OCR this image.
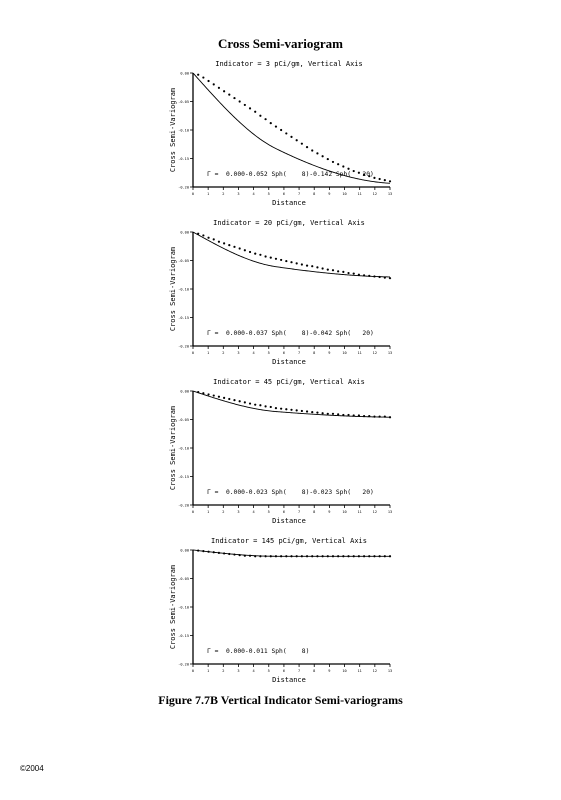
Cross Semi-variogram
Indicator = 3 pCi/gm, Vertical Axis
0.00
-0.05
-0.10
-0.15
-0.20
0	1	2	3	4	5	6	7	8	9	10	11	12	13
Distance
Cross Semi-Variogram
Γ =  0.000-0.052 Sph(    8)-0.142 Sph(   20)
Indicator = 20 pCi/gm, Vertical Axis
0.00
-0.05
-0.10
-0.15
-0.20
0	1	2	3	4	5	6	7	8	9	10	11	12	13
Distance
Cross Semi-Variogram
Γ =  0.000-0.037 Sph(    8)-0.042 Sph(   20)
Indicator = 45 pCi/gm, Vertical Axis
0.00
-0.05
-0.10
-0.15
-0.20
0	1	2	3	4	5	6	7	8	9	10	11	12	13
Distance
Cross Semi-Variogram
Γ =  0.000-0.023 Sph(    8)-0.023 Sph(   20)
Indicator = 145 pCi/gm, Vertical Axis
0.00
-0.05
-0.10
-0.15
-0.20
0	1	2	3	4	5	6	7	8	9	10	11	12	13
Distance
Cross Semi-Variogram
Γ =  0.000-0.011 Sph(    8)
Figure 7.7B Vertical Indicator Semi-variograms
©2004
